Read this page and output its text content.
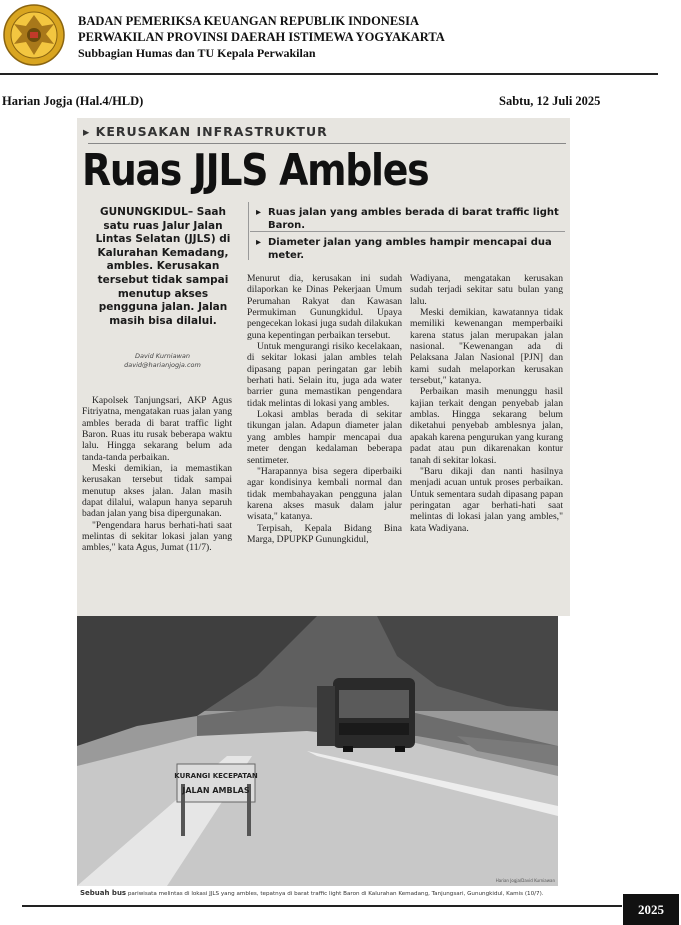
BADAN PEMERIKSA KEUANGAN REPUBLIK INDONESIA
PERWAKILAN PROVINSI DAERAH ISTIMEWA YOGYAKARTA
Subbagian Humas dan TU Kepala Perwakilan
Harian Jogja (Hal.4/HLD)	Sabtu, 12 Juli 2025
▸ KERUSAKAN INFRASTRUKTUR
Ruas JJLS Ambles
GUNUNGKIDUL– Saah satu ruas Jalur Jalan Lintas Selatan (JJLS) di Kalurahan Kemadang, ambles. Kerusakan tersebut tidak sampai menutup akses pengguna jalan. Jalan masih bisa dilalui.
David Kurniawan
david@harianjogja.com
▸ Ruas jalan yang ambles berada di barat traffic light Baron.
▸ Diameter jalan yang ambles hampir mencapai dua meter.

Kapolsek Tanjungsari, AKP Agus Fitriyatna, mengatakan ruas jalan yang ambles berada di barat traffic light Baron. Ruas itu rusak beberapa waktu lalu. Hingga sekarang belum ada tanda-tanda perbaikan.

Meski demikian, ia memastikan kerusakan tersebut tidak sampai menutup akses jalan. Jalan masih dapat dilalui, walapun hanya separuh badan jalan yang bisa dipergunakan.

"Pengendara harus berhati-hati saat melintas di sekitar lokasi jalan yang ambles," kata Agus, Jumat (11/7).

Menurut dia, kerusakan ini sudah dilaporkan ke Dinas Pekerjaan Umum Perumahan Rakyat dan Kawasan Permukiman Gunungkidul. Upaya pengecekan lokasi juga sudah dilakukan guna kepentingan perbaikan tersebut.

Untuk mengurangi risiko kecelakaan, di sekitar lokasi jalan ambles telah dipasang papan peringatan gar lebih berhati hati. Selain itu, juga ada water barrier guna memastikan pengendara tidak melintas di lokasi yang ambles.

Lokasi amblas berada di sekitar tikungan jalan. Adapun diameter jalan yang ambles hampir mencapai dua meter dengan kedalaman beberapa sentimeter.

"Harapannya bisa segera diperbaiki agar kondisinya kembali normal dan tidak membahayakan pengguna jalan karena akses masuk dalam jalur wisata," katanya.

Terpisah, Kepala Bidang Bina Marga, DPUPKP Gunungkidul,

Wadiyana, mengatakan kerusakan sudah terjadi sekitar satu bulan yang lalu.

Meski demikian, kawatannya tidak memiliki kewenangan memperbaiki karena status jalan merupakan jalan nasional. "Kewenangan ada di Pelaksana Jalan Nasional [PJN] dan kami sudah melaporkan kerusakan tersebut," katanya.

Perbaikan masih menunggu hasil kajian terkait dengan penyebab jalan amblas. Hingga sekarang belum diketahui penyebab amblesnya jalan, apakah karena pengurukan yang kurang padat atau pun dikarenakan kontur tanah di sekitar lokasi.

"Baru dikaji dan nanti hasilnya menjadi acuan untuk proses perbaikan. Untuk sementara sudah dipasang papan peringatan agar berhati-hati saat melintas di lokasi jalan yang ambles," kata Wadiyana.

KURANGI KECEPATAN
JALAN AMBLAS
Harian Jogja/David Kurniawan
Sebuah bus pariwisata melintas di lokasi JJLS yang ambles, tepatnya di barat traffic light Baron di Kalurahan Kemadang, Tanjungsari, Gunungkidul, Kamis (10/7).
2025
